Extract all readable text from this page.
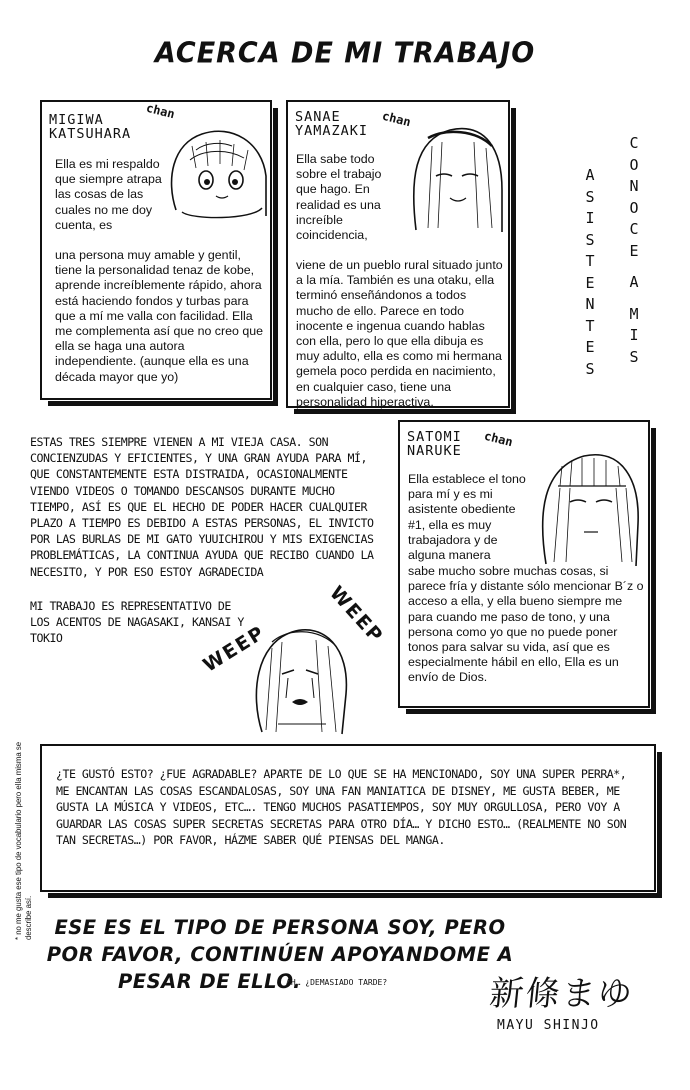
ACERCA DE MI TRABAJO
MIGIWA
KATSUHARA
chan
Ella es mi respaldo que siempre atrapa las cosas de las cuales no me doy cuenta, es
una persona muy amable y gentil, tiene la personalidad tenaz de kobe, aprende increíblemente rápido, ahora está haciendo fondos y turbas para que a mí me valla con facilidad. Ella me complementa así que no creo que ella se haga una autora independiente. (aunque ella es una década mayor que yo)
SANAE
YAMAZAKI
chan
Ella sabe todo sobre el trabajo que hago. En realidad es una increíble coincidencia,
viene de un pueblo rural situado junto a la mía. También es una otaku, ella terminó enseñándonos a todos mucho de ello. Parece en todo inocente e ingenua cuando hablas con ella, pero lo que ella dibuja es muy adulto, ella es como mi hermana gemela poco perdida en nacimiento, en cualquier caso, tiene una personalidad hiperactiva.
A
S
I
S
T
E
N
T
E
S
C
O
N
O
C
E
A
M
I
S
ESTAS TRES SIEMPRE VIENEN A MI VIEJA CASA. SON CONCIENZUDAS Y EFICIENTES, Y UNA GRAN AYUDA PARA MÍ, QUE CONSTANTEMENTE ESTA DISTRAIDA, OCASIONALMENTE VIENDO VIDEOS O TOMANDO DESCANSOS DURANTE MUCHO TIEMPO, ASÍ ES QUE EL HECHO DE PODER HACER CUALQUIER PLAZO A TIEMPO ES DEBIDO A ESTAS PERSONAS, EL INVICTO POR LAS BURLAS DE MI GATO YUUICHIROU Y MIS EXIGENCIAS PROBLEMÁTICAS, LA CONTINUA AYUDA QUE RECIBO CUANDO LA NECESITO, Y POR ESO ESTOY AGRADECIDA
MI TRABAJO ES REPRESENTATIVO DE LOS ACENTOS DE NAGASAKI, KANSAI Y TOKIO	WEEP
WEEP
SATOMI
NARUKE
chan
Ella establece el tono para mí y es mi asistente obediente #1, ella es muy trabajadora y de alguna manera
sabe mucho sobre muchas cosas, si parece fría y distante sólo mencionar B´z o acceso a ella, y ella bueno siempre me para cuando me paso de tono, y una persona como yo que no puede poner tonos para salvar su vida, así que es especialmente hábil en ello, Ella es un envío de Dios.
* no me gusta ese tipo de vocabulario pero ella misma se describe así.
¿TE GUSTÓ ESTO? ¿FUE AGRADABLE? APARTE DE LO QUE SE HA MENCIONADO, SOY UNA SUPER PERRA*, ME ENCANTAN LAS COSAS ESCANDALOSAS, SOY UNA FAN MANIATICA DE DISNEY, ME GUSTA BEBER, ME GUSTA LA MÚSICA Y VIDEOS, ETC…. TENGO MUCHOS PASATIEMPOS, SOY MUY ORGULLOSA, PERO VOY A GUARDAR LAS COSAS SUPER SECRETAS SECRETAS PARA OTRO DÍA… Y DICHO ESTO… (REALMENTE NO SON TAN SECRETAS…) POR FAVOR, HÁZME SABER QUÉ PIENSAS DEL MANGA.
ESE ES EL TIPO DE PERSONA SOY, PERO
POR FAVOR, CONTINÚEN APOYANDOME A
PESAR DE ELLO.
AH… ¿DEMASIADO TARDE?	新條まゆ
MAYU SHINJO
